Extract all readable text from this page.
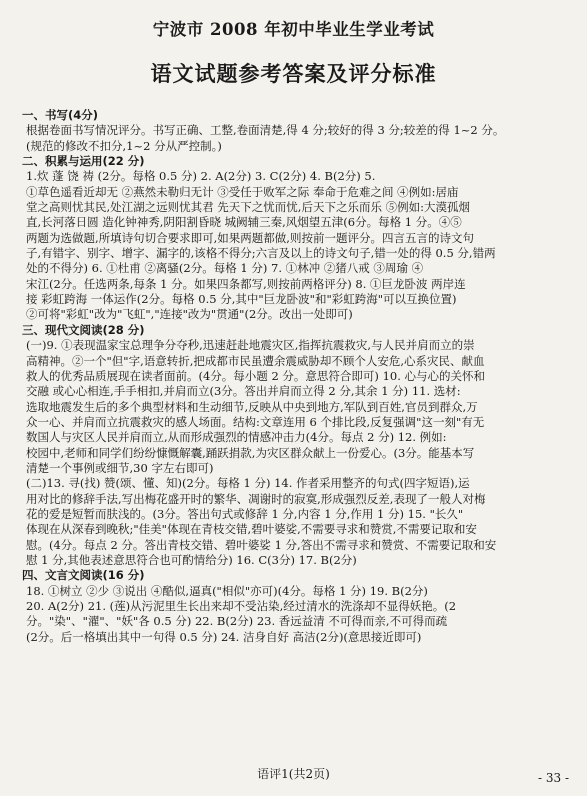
宁波市 2008 年初中毕业生学业考试
语文试题参考答案及评分标准
一、书写(4分)
根据卷面书写情况评分。书写正确、工整,卷面清楚,得 4 分;较好的得 3 分;较差的得 1~2 分。
(规范的修改不扣分,1~2 分从严控制。)
二、积累与运用(22 分)
1.炊 蓬 饶 祷 (2分。每格 0.5 分) 2. A(2分) 3. C(2分) 4. B(2分) 5.
①草色遥看近却无 ②燕然未勒归无计 ③受任于败军之际 奉命于危难之间 ④例如:居庙
堂之高则忧其民,处江湖之远则忧其君 先天下之忧而忧,后天下之乐而乐 ⑤例如:大漠孤烟
直,长河落日圆 造化钟神秀,阴阳割昏晓 城阙辅三秦,风烟望五津(6分。每格 1 分。④⑤
两题为选做题,所填诗句切合要求即可,如果两题都做,则按前一题评分。四言五言的诗文句
子,有错字、别字、增字、漏字的,该格不得分;六言及以上的诗文句子,错一处的得 0.5 分,错两
处的不得分) 6. ①杜甫 ②离骚(2分。每格 1 分) 7. ①林冲 ②猪八戒 ③周瑜 ④
宋江(2分。任选两条,每条 1 分。如果四条都写,则按前两格评分) 8. ①巨龙卧波 两岸连
接 彩虹跨海 一体运作(2分。每格 0.5 分,其中"巨龙卧波"和"彩虹跨海"可以互换位置)
②可将"彩虹"改为"飞虹","连接"改为"贯通"(2分。改出一处即可)
三、现代文阅读(28 分)
(一)9. ①表现温家宝总理争分夺秒,迅速赶赴地震灾区,指挥抗震救灾,与人民并肩而立的崇
高精神。②一个"但"字,语意转折,把成都市民虽遭余震威胁却不顾个人安危,心系灾民、献血
救人的优秀品质展现在读者面前。(4分。每小题 2 分。意思符合即可) 10. 心与心的关怀和
交融 或心心相连,手手相扣,并肩而立(3分。答出并肩而立得 2 分,其余 1 分) 11. 选材:
选取地震发生后的多个典型材料和生动细节,反映从中央到地方,军队到百姓,官员到群众,万
众一心、并肩而立抗震救灾的感人场面。结构:文章连用 6 个排比段,反复强调"这一刻"有无
数国人与灾区人民并肩而立,从而形成强烈的情感冲击力(4分。每点 2 分) 12. 例如:
校园中,老师和同学们纷纷慷慨解囊,踊跃捐款,为灾区群众献上一份爱心。(3分。能基本写
清楚一个事例或细节,30 字左右即可)
(二)13. 寻(找) 赞(颂、懂、知)(2分。每格 1 分) 14. 作者采用整齐的句式(四字短语),运
用对比的修辞手法,写出梅花盛开时的繁华、凋谢时的寂寞,形成强烈反差,表现了一般人对梅
花的爱是短暂而肤浅的。(3分。答出句式或修辞 1 分,内容 1 分,作用 1 分) 15. "长久"
体现在从深春到晚秋;"佳美"体现在青枝交错,碧叶婆娑,不需要寻求和赞赏,不需要记取和安
慰。(4分。每点 2 分。答出青枝交错、碧叶婆娑 1 分,答出不需寻求和赞赏、不需要记取和安
慰 1 分,其他表述意思符合也可酌情给分) 16. C(3分) 17. B(2分)
四、文言文阅读(16 分)
18. ①树立 ②少 ③说出 ④酷似,逼真("相似"亦可)(4分。每格 1 分) 19. B(2分)
20. A(2分) 21. (莲)从污泥里生长出来却不受沾染,经过清水的洗涤却不显得妖艳。(2
分。"染"、"濯"、"妖"各 0.5 分) 22. B(2分) 23. 香远益清 不可得而亲,不可得而疏
(2分。后一格填出其中一句得 0.5 分) 24. 洁身自好 高洁(2分)(意思接近即可)
语评1(共2页)	- 33 -
